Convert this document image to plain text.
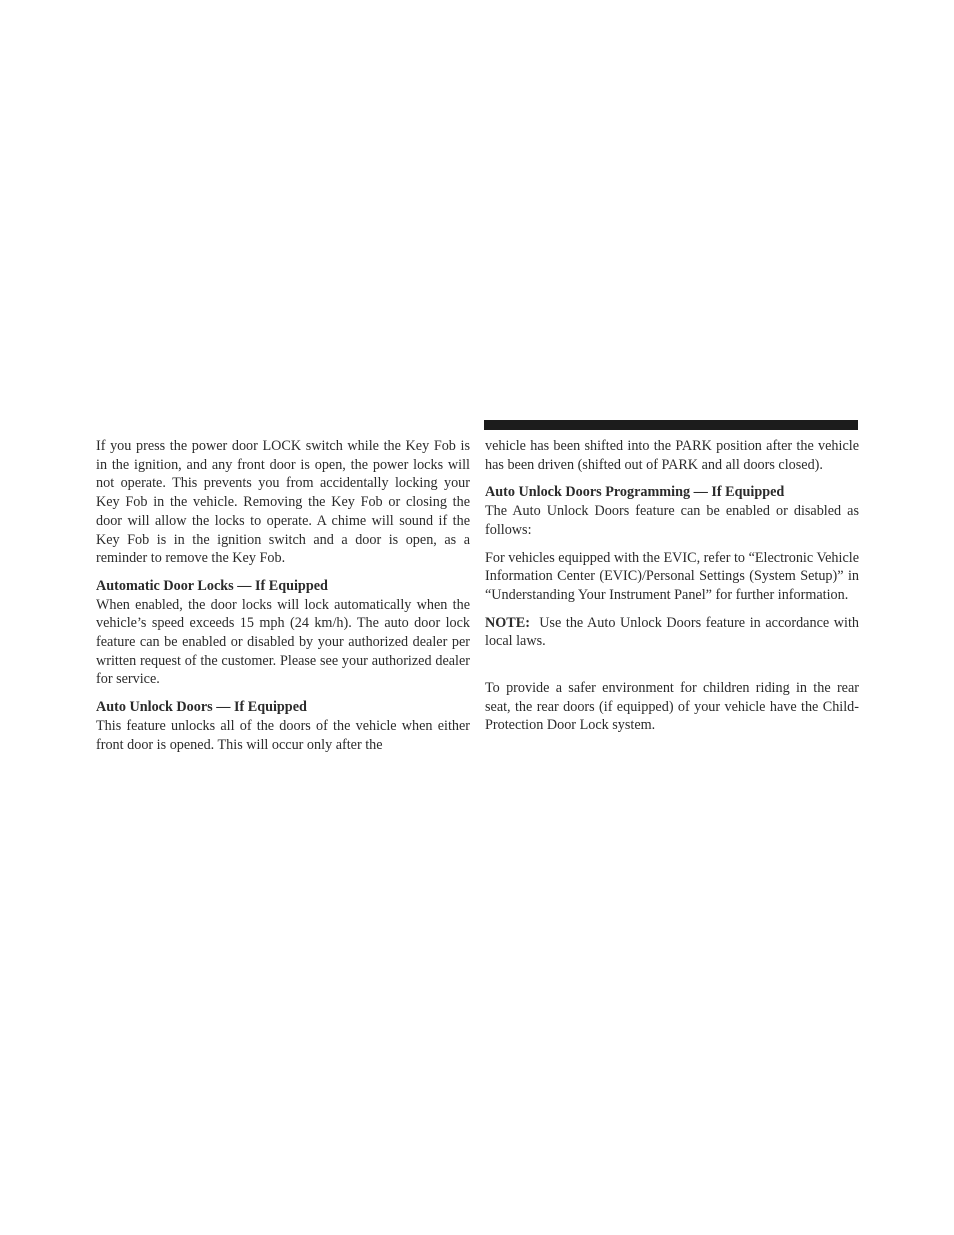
If you press the power door LOCK switch while the Key Fob is in the ignition, and any front door is open, the power locks will not operate. This prevents you from accidentally locking your Key Fob in the vehicle. Removing the Key Fob or closing the door will allow the locks to operate. A chime will sound if the Key Fob is in the ignition switch and a door is open, as a reminder to remove the Key Fob.

Automatic Door Locks — If Equipped

When enabled, the door locks will lock automatically when the vehicle’s speed exceeds 15 mph (24 km/h). The auto door lock feature can be enabled or disabled by your authorized dealer per written request of the customer. Please see your authorized dealer for service.

Auto Unlock Doors — If Equipped

This feature unlocks all of the doors of the vehicle when either front door is opened. This will occur only after the

vehicle has been shifted into the PARK position after the vehicle has been driven (shifted out of PARK and all doors closed).

Auto Unlock Doors Programming — If Equipped

The Auto Unlock Doors feature can be enabled or disabled as follows:

For vehicles equipped with the EVIC, refer to “Electronic Vehicle Information Center (EVIC)/Personal Settings (System Setup)” in “Understanding Your Instrument Panel” for further information.

NOTE: Use the Auto Unlock Doors feature in accordance with local laws.

To provide a safer environment for children riding in the rear seat, the rear doors (if equipped) of your vehicle have the Child-Protection Door Lock system.
